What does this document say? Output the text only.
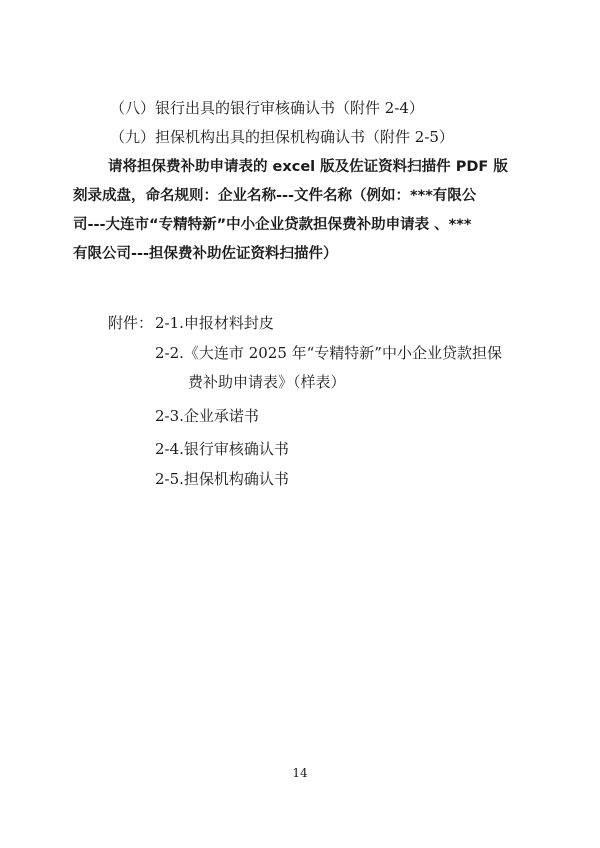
（八）银行出具的银行审核确认书（附件 2-4）
（九）担保机构出具的担保机构确认书（附件 2-5）
请将担保费补助申请表的 excel 版及佐证资料扫描件 PDF 版
刻录成盘，命名规则：企业名称---文件名称（例如：***有限公
司---大连市“专精特新”中小企业贷款担保费补助申请表 、***
有限公司---担保费补助佐证资料扫描件）
附件： 2-1.申报材料封皮
2-2.《大连市 2025 年“专精特新”中小企业贷款担保
费补助申请表》（样表）
2-3.企业承诺书
2-4.银行审核确认书
2-5.担保机构确认书
14
